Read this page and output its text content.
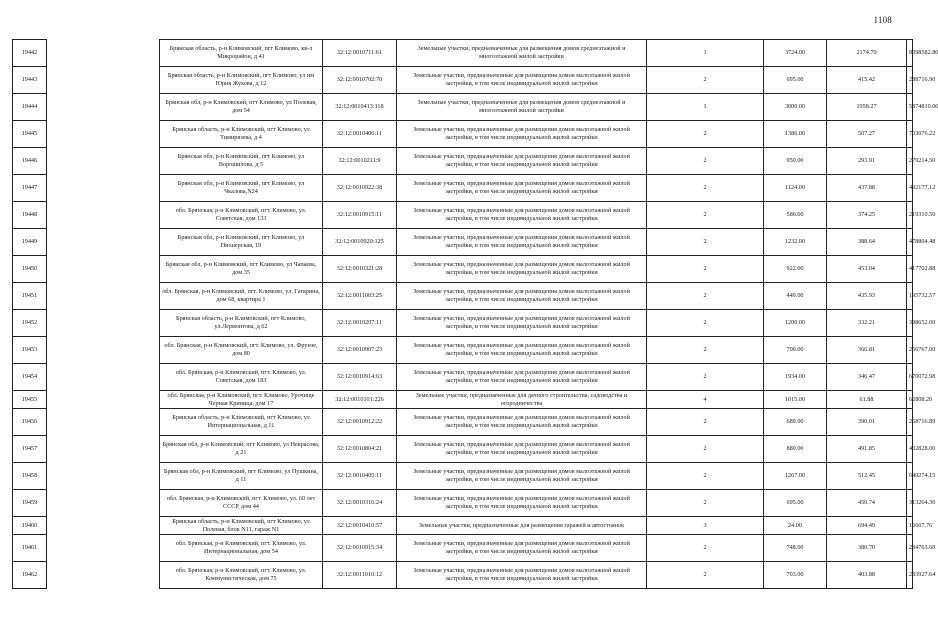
1108
19442		Брянская область, р-н Климовский, пгт Климово, кв-л Микрорайон, д 41	32:12:0010711:61	Земельные участки, предназначенные для размещения домов среднеэтажной и многоэтажной жилой застройки	1	3724.00	2174.70	8098582.80
19443		Брянская область, р-н Климовский, пгт Климово, ул им Юрия Жукова, д 12	32:12:0010702:70	Земельные участки, предназначенные для размещения домов малоэтажной жилой застройки, в том числе индивидуальной жилой застройки	2	695.00	415.42	288716.90
19444		Брянская обл, р-н Климовский, пгт Климово, ул Полевая, дом 54	32:12:0010413:118	Земельные участки, предназначенные для размещения домов среднеэтажной и многоэтажной жилой застройки	1	3000.00	1958.27	5874810.00
19445		Брянская область, р-н Климовский, пгт Климово, ул Тимирязева, д 4	32:12:0010406:11	Земельные участки, предназначенные для размещения домов малоэтажной жилой застройки, в том числе индивидуальной жилой застройки	2	1386.00	507.27	703076.22
19446		Брянская обл, р-н Климовский, пгт Климово, ул Ворошилова, д 5	32:12:0010211:9	Земельные участки, предназначенные для размещения домов малоэтажной жилой застройки, в том числе индивидуальной жилой застройки	2	950.00	293.91	279214.50
19447		Брянская обл, р-н Климовский, пгт Климово, ул Чкалова,N24	32:12:0010922:38	Земельные участки, предназначенные для размещения домов малоэтажной жилой застройки, в том числе индивидуальной жилой застройки	2	1124.00	437.88	492177.12
19448		обл. Брянская, р-н Климовский, пгт. Климово, ул. Советская, дом 133	32:12:0010915:11	Земельные участки, предназначенные для размещения домов малоэтажной жилой застройки, в том числе индивидуальной жилой застройки	2	586.00	374.25	219310.50
19449		Брянская обл, р-н Климовский, пгт Климово, ул Пионерская, 19	32:12:0010920:125	Земельные участки, предназначенные для размещения домов малоэтажной жилой застройки, в том числе индивидуальной жилой застройки	2	1232.00	388.64	478804.48
19450		Брянская обл, р-н Климовский, пгт Климово, ул Чапаева, дом 35	32:12:0010321:28	Земельные участки, предназначенные для размещения домов малоэтажной жилой застройки, в том числе индивидуальной жилой застройки	2	922.00	453.04	417702.88
19451		обл. Брянская, р-н Климовский, пгт. Климово, ул. Гагарина, дом 68, квартира 1	32:12:0011003:25	Земельные участки, предназначенные для размещения домов малоэтажной жилой застройки, в том числе индивидуальной жилой застройки	2	449.00	435.93	195732.57
19452		Брянская область, р-н Климовский, пгт Климово, ул.Лермонтова, д 62	32:12:0010207:11	Земельные участки, предназначенные для размещения домов малоэтажной жилой застройки, в том числе индивидуальной жилой застройки	2	1200.00	332.21	398652.00
19453		обл. Брянская, р-н Климовский, пгт. Климово, ул. Фрунзе, дом 80	32:12:0010907:23	Земельные участки, предназначенные для размещения домов малоэтажной жилой застройки, в том числе индивидуальной жилой застройки	2	700.00	366.81	256767.00
19454		обл. Брянская, р-н Климовский, пгт. Климово, ул. Советская, дом 183	32:12:0010914:63	Земельные участки, предназначенные для размещения домов малоэтажной жилой застройки, в том числе индивидуальной жилой застройки	2	1934.00	346.47	670072.98
19455		обл. Брянская, р-н Климовский, пгт. Климово, Урочище Черная Криница, дом 17	32:12:0010101:226	Земельные участки, предназначенные для дачного строительства, садоводства и огородничества	4	1015.00	61.88	62808.20
19456		Брянская область, р-н Климовский, пгт Климово, ул Интернациональная, д 11	32:12:0010912:22	Земельные участки, предназначенные для размещения домов малоэтажной жилой застройки, в том числе индивидуальной жилой застройки	2	689.00	390.01	268716.89
19457		Брянская обл, р-н Климовский, пгт Климово, ул Некрасова, д 21	32:12:0010804:21	Земельные участки, предназначенные для размещения домов малоэтажной жилой застройки, в том числе индивидуальной жилой застройки	2	880.00	491.85	432828.00
19458		Брянская обл, р-н Климовский, пгт Климово, ул Пушкина, д 11	32:12:0010405:11	Земельные участки, предназначенные для размещения домов малоэтажной жилой застройки, в том числе индивидуальной жилой застройки	2	1267.00	512.45	649274.15
19459		обл. Брянская, р-н Климовский, пгт. Климово, ул. 60 лет СССР, дом 44	32:12:0010316:24	Земельные участки, предназначенные для размещения домов малоэтажной жилой застройки, в том числе индивидуальной жилой застройки	2	695.00	450.74	313264.30
19460		Брянская область, р-н Климовский, пгт Климово, ул Полевая, блок N11, гараж N1	32:12:0010410:57	Земельные участки, предназначенные для размещения гаражей и автостоянок	3	24.00	694.49	16667.76
19461		обл. Брянская, р-н Климовский, пгт. Климово, ул. Интернациональная, дом 54	32:12:0010915:34	Земельные участки, предназначенные для размещения домов малоэтажной жилой застройки, в том числе индивидуальной жилой застройки	2	748.00	380.70	284763.60
19462		обл. Брянская, р-н Климовский, пгт. Климово, ул. Коммунистическая, дом 75	32:12:0011010:12	Земельные участки, предназначенные для размещения домов малоэтажной жилой застройки, в том числе индивидуальной жилой застройки	2	703.00	403.88	283927.64
